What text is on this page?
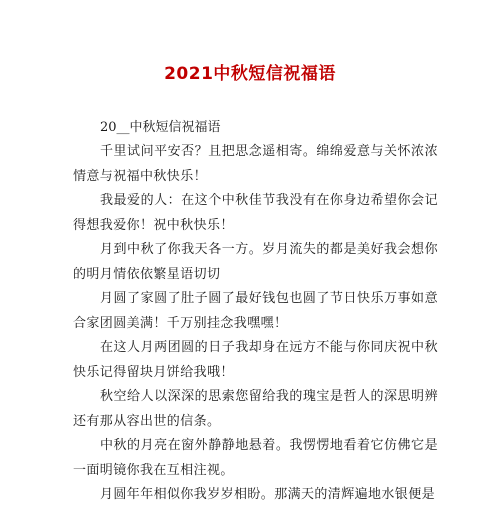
2021中秋短信祝福语

20__中秋短信祝福语

千里试问平安否？且把思念遥相寄。绵绵爱意与关怀浓浓情意与祝福中秋快乐！

我最爱的人：在这个中秋佳节我没有在你身边希望你会记得想我爱你！祝中秋快乐！

月到中秋了你我天各一方。岁月流失的都是美好我会想你的明月情依依繁星语切切

月圆了家圆了肚子圆了最好钱包也圆了节日快乐万事如意合家团圆美满！千万别挂念我嘿嘿！

在这人月两团圆的日子我却身在远方不能与你同庆祝中秋快乐记得留块月饼给我哦！

秋空给人以深深的思索您留给我的瑰宝是哲人的深思明辨还有那从容出世的信条。

中秋的月亮在窗外静静地悬着。我愣愣地看着它仿佛它是一面明镜你我在互相注视。

月圆年年相似你我岁岁相盼。那满天的清辉遍地水银便是
